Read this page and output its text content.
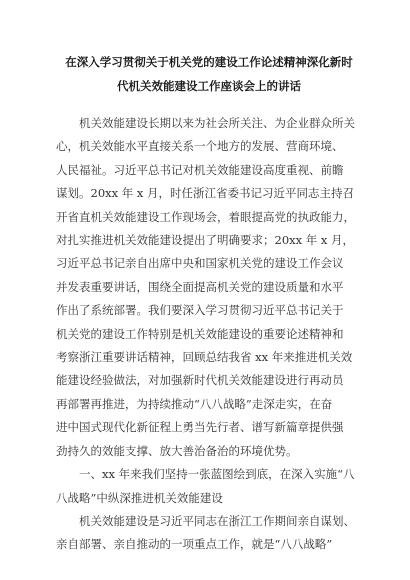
在深入学习贯彻关于机关党的建设工作论述精神深化新时
代机关效能建设工作座谈会上的讲话
机关效能建设长期以来为社会所关注、为企业群众所关
心，机关效能水平直接关系一个地方的发展、营商环境、
人民福祉。习近平总书记对机关效能建设高度重视、前瞻
谋划。20xx 年 x 月，时任浙江省委书记习近平同志主持召
开省直机关效能建设工作现场会，着眼提高党的执政能力，
对扎实推进机关效能建设提出了明确要求；20xx 年 x 月，
习近平总书记亲自出席中央和国家机关党的建设工作会议
并发表重要讲话，围绕全面提高机关党的建设质量和水平
作出了系统部署。我们要深入学习贯彻习近平总书记关于
机关党的建设工作特别是机关效能建设的重要论述精神和
考察浙江重要讲话精神，回顾总结我省 xx 年来推进机关效
能建设经验做法，对加强新时代机关效能建设进行再动员
再部署再推进，为持续推动“八八战略”走深走实，在奋
进中国式现代化新征程上勇当先行者、谱写新篇章提供强
劲持久的效能支撑、放大善治备治的环境优势。
一、xx 年来我们坚持一张蓝图绘到底，在深入实施“八
八战略”中纵深推进机关效能建设
机关效能建设是习近平同志在浙江工作期间亲自谋划、
亲自部署、亲自推动的一项重点工作，就是“八八战略”
